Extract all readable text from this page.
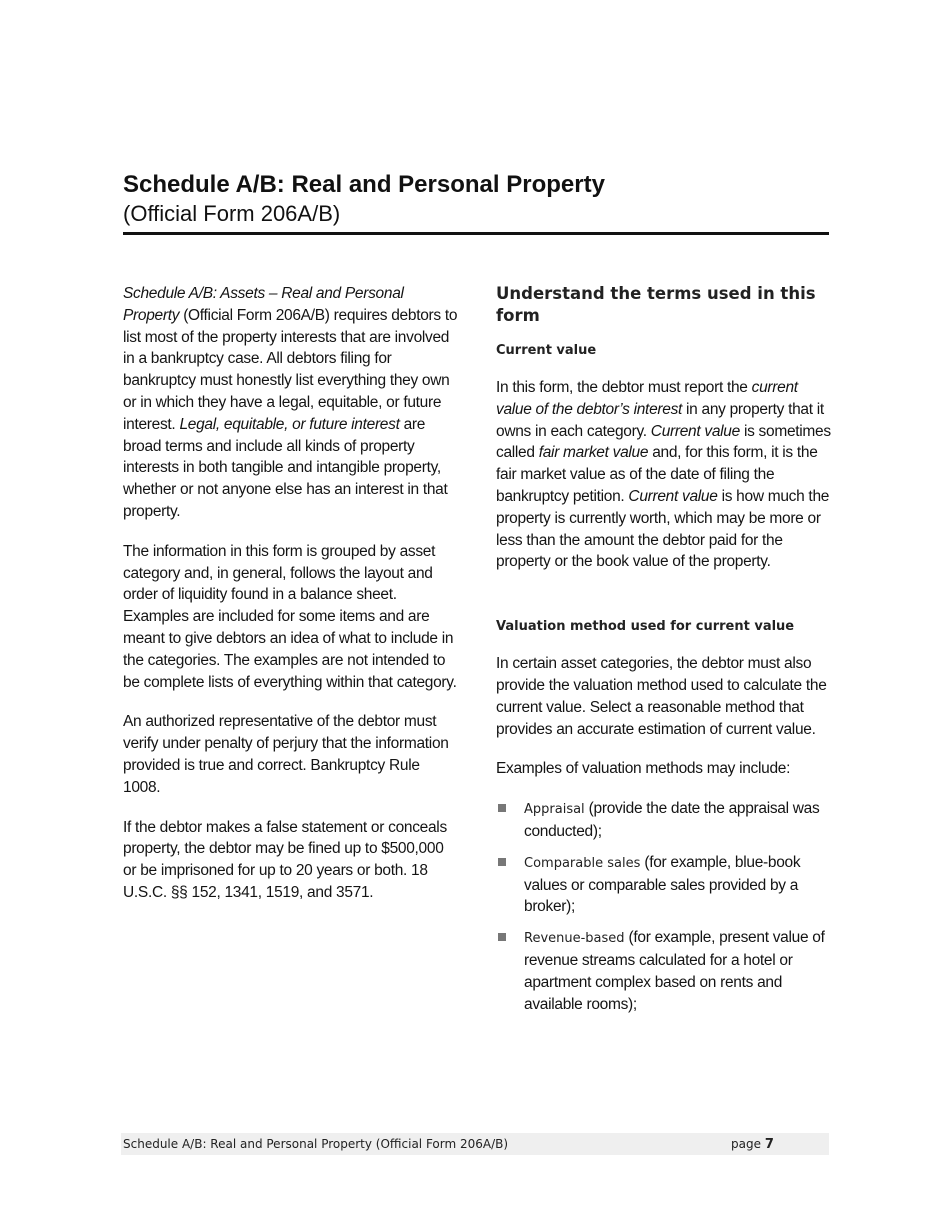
Schedule A/B: Real and Personal Property
(Official Form 206A/B)

Schedule A/B: Assets – Real and Personal Property (Official Form 206A/B) requires debtors to list most of the property interests that are involved in a bankruptcy case. All debtors filing for bankruptcy must honestly list everything they own or in which they have a legal, equitable, or future interest. Legal, equitable, or future interest are broad terms and include all kinds of property interests in both tangible and intangible property, whether or not anyone else has an interest in that property.

The information in this form is grouped by asset category and, in general, follows the layout and order of liquidity found in a balance sheet. Examples are included for some items and are meant to give debtors an idea of what to include in the categories. The examples are not intended to be complete lists of everything within that category.

An authorized representative of the debtor must verify under penalty of perjury that the information provided is true and correct. Bankruptcy Rule 1008.

If the debtor makes a false statement or conceals property, the debtor may be fined up to $500,000 or be imprisoned for up to 20 years or both. 18 U.S.C. §§ 152, 1341, 1519, and 3571.

Understand the terms used in this form
Current value

In this form, the debtor must report the current value of the debtor’s interest in any property that it owns in each category. Current value is sometimes called fair market value and, for this form, it is the fair market value as of the date of filing the bankruptcy petition. Current value is how much the property is currently worth, which may be more or less than the amount the debtor paid for the property or the book value of the property.

Valuation method used for current value

In certain asset categories, the debtor must also provide the valuation method used to calculate the current value. Select a reasonable method that provides an accurate estimation of current value.

Examples of valuation methods may include:

Appraisal (provide the date the appraisal was conducted);
Comparable sales (for example, blue-book values or comparable sales provided by a broker);
Revenue-based (for example, present value of revenue streams calculated for a hotel or apartment complex based on rents and available rooms);
Schedule A/B: Real and Personal Property (Official Form 206A/B)	page 7
